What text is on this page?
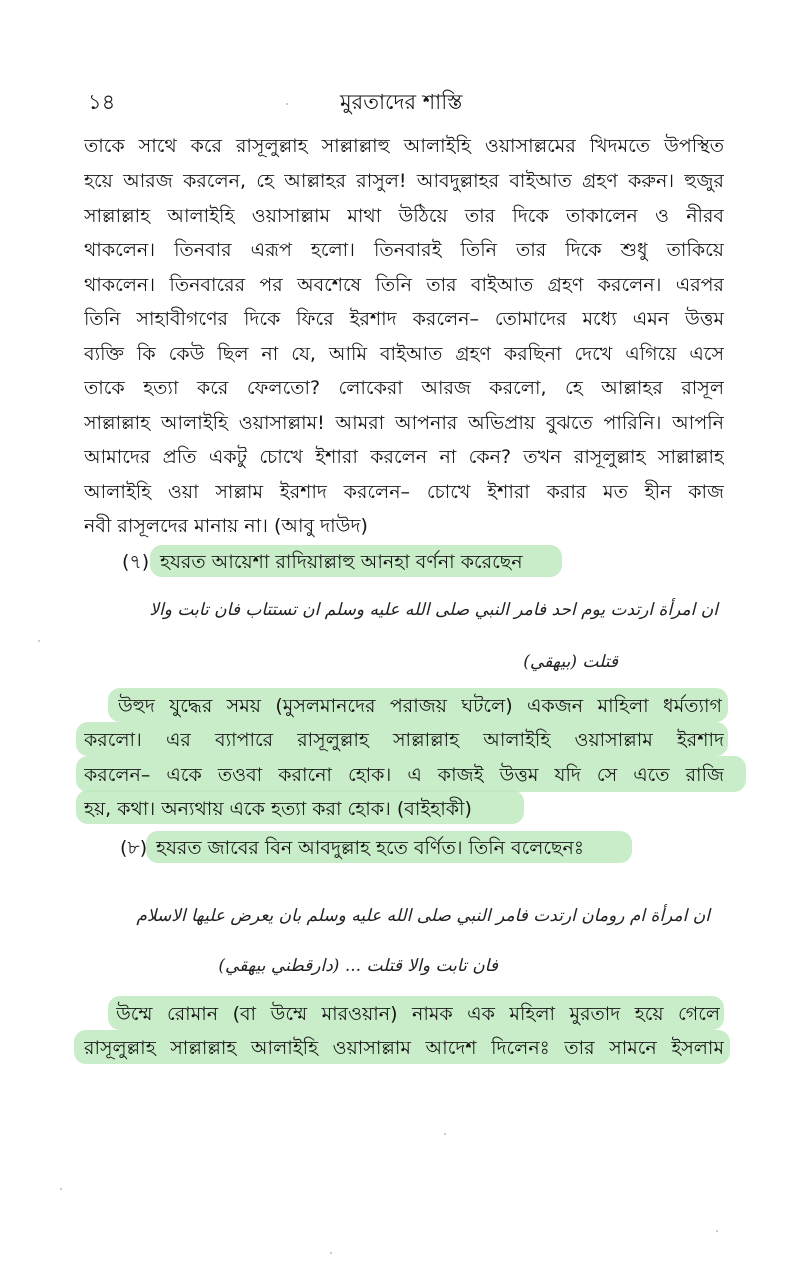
১৪	মুরতাদের শাস্তি
তাকে সাথে করে রাসূলুল্লাহ সাল্লাল্লাহু আলাইহি ওয়াসাল্লমের খিদমতে উপস্থিত
হয়ে আরজ করলেন, হে আল্লাহর রাসুল! আবদুল্লাহর বাইআত গ্রহণ করুন। হুজুর
সাল্লাল্লাহ আলাইহি ওয়াসাল্লাম মাথা উঠিয়ে তার দিকে তাকালেন ও নীরব
থাকলেন। তিনবার এরূপ হলো। তিনবারই তিনি তার দিকে শুধু তাকিয়ে
থাকলেন। তিনবারের পর অবশেষে তিনি তার বাইআত গ্রহণ করলেন। এরপর
তিনি সাহাবীগণের দিকে ফিরে ইরশাদ করলেন– তোমাদের মধ্যে এমন উত্তম
ব্যক্তি কি কেউ ছিল না যে, আমি বাইআত গ্রহণ করছিনা দেখে এগিয়ে এসে
তাকে হত্যা করে ফেলতো? লোকেরা আরজ করলো, হে আল্লাহর রাসূল
সাল্লাল্লাহ আলাইহি ওয়াসাল্লাম! আমরা আপনার অভিপ্রায় বুঝতে পারিনি। আপনি
আমাদের প্রতি একটু চোখে ইশারা করলেন না কেন? তখন রাসূলুল্লাহ সাল্লাল্লাহ
আলাইহি ওয়া সাল্লাম ইরশাদ করলেন– চোখে ইশারা করার মত হীন কাজ
নবী রাসূলদের মানায় না। (আবু দাউদ)
(৭) হযরত আয়েশা রাদিয়াল্লাহু আনহা বর্ণনা করেছেন
ان امرأة ارتدت يوم احد فامر النبي صلى الله عليه وسلم ان تستتاب فان تابت والا
قتلت (بيهقي)
উহুদ যুদ্ধের সময় (মুসলমানদের পরাজয় ঘটলে) একজন মাহিলা ধর্মত্যাগ
করলো। এর ব্যাপারে রাসূলুল্লাহ সাল্লাল্লাহ আলাইহি ওয়াসাল্লাম ইরশাদ
করলেন– একে তওবা করানো হোক। এ কাজই উত্তম যদি সে এতে রাজি
হয়, কথা। অন্যথায় একে হত্যা করা হোক। (বাইহাকী)
(৮) হযরত জাবের বিন আবদুল্লাহ হতে বর্ণিত। তিনি বলেছেনঃ
ان امرأة ام رومان ارتدت فامر النبي صلى الله عليه وسلم بان يعرض عليها الاسلام
فان تابت والا قتلت ... (دارقطني بيهقي)
উম্মে রোমান (বা উম্মে মারওয়ান) নামক এক মহিলা মুরতাদ হয়ে গেলে
রাসূলুল্লাহ সাল্লাল্লাহ আলাইহি ওয়াসাল্লাম আদেশ দিলেনঃ তার সামনে ইসলাম
